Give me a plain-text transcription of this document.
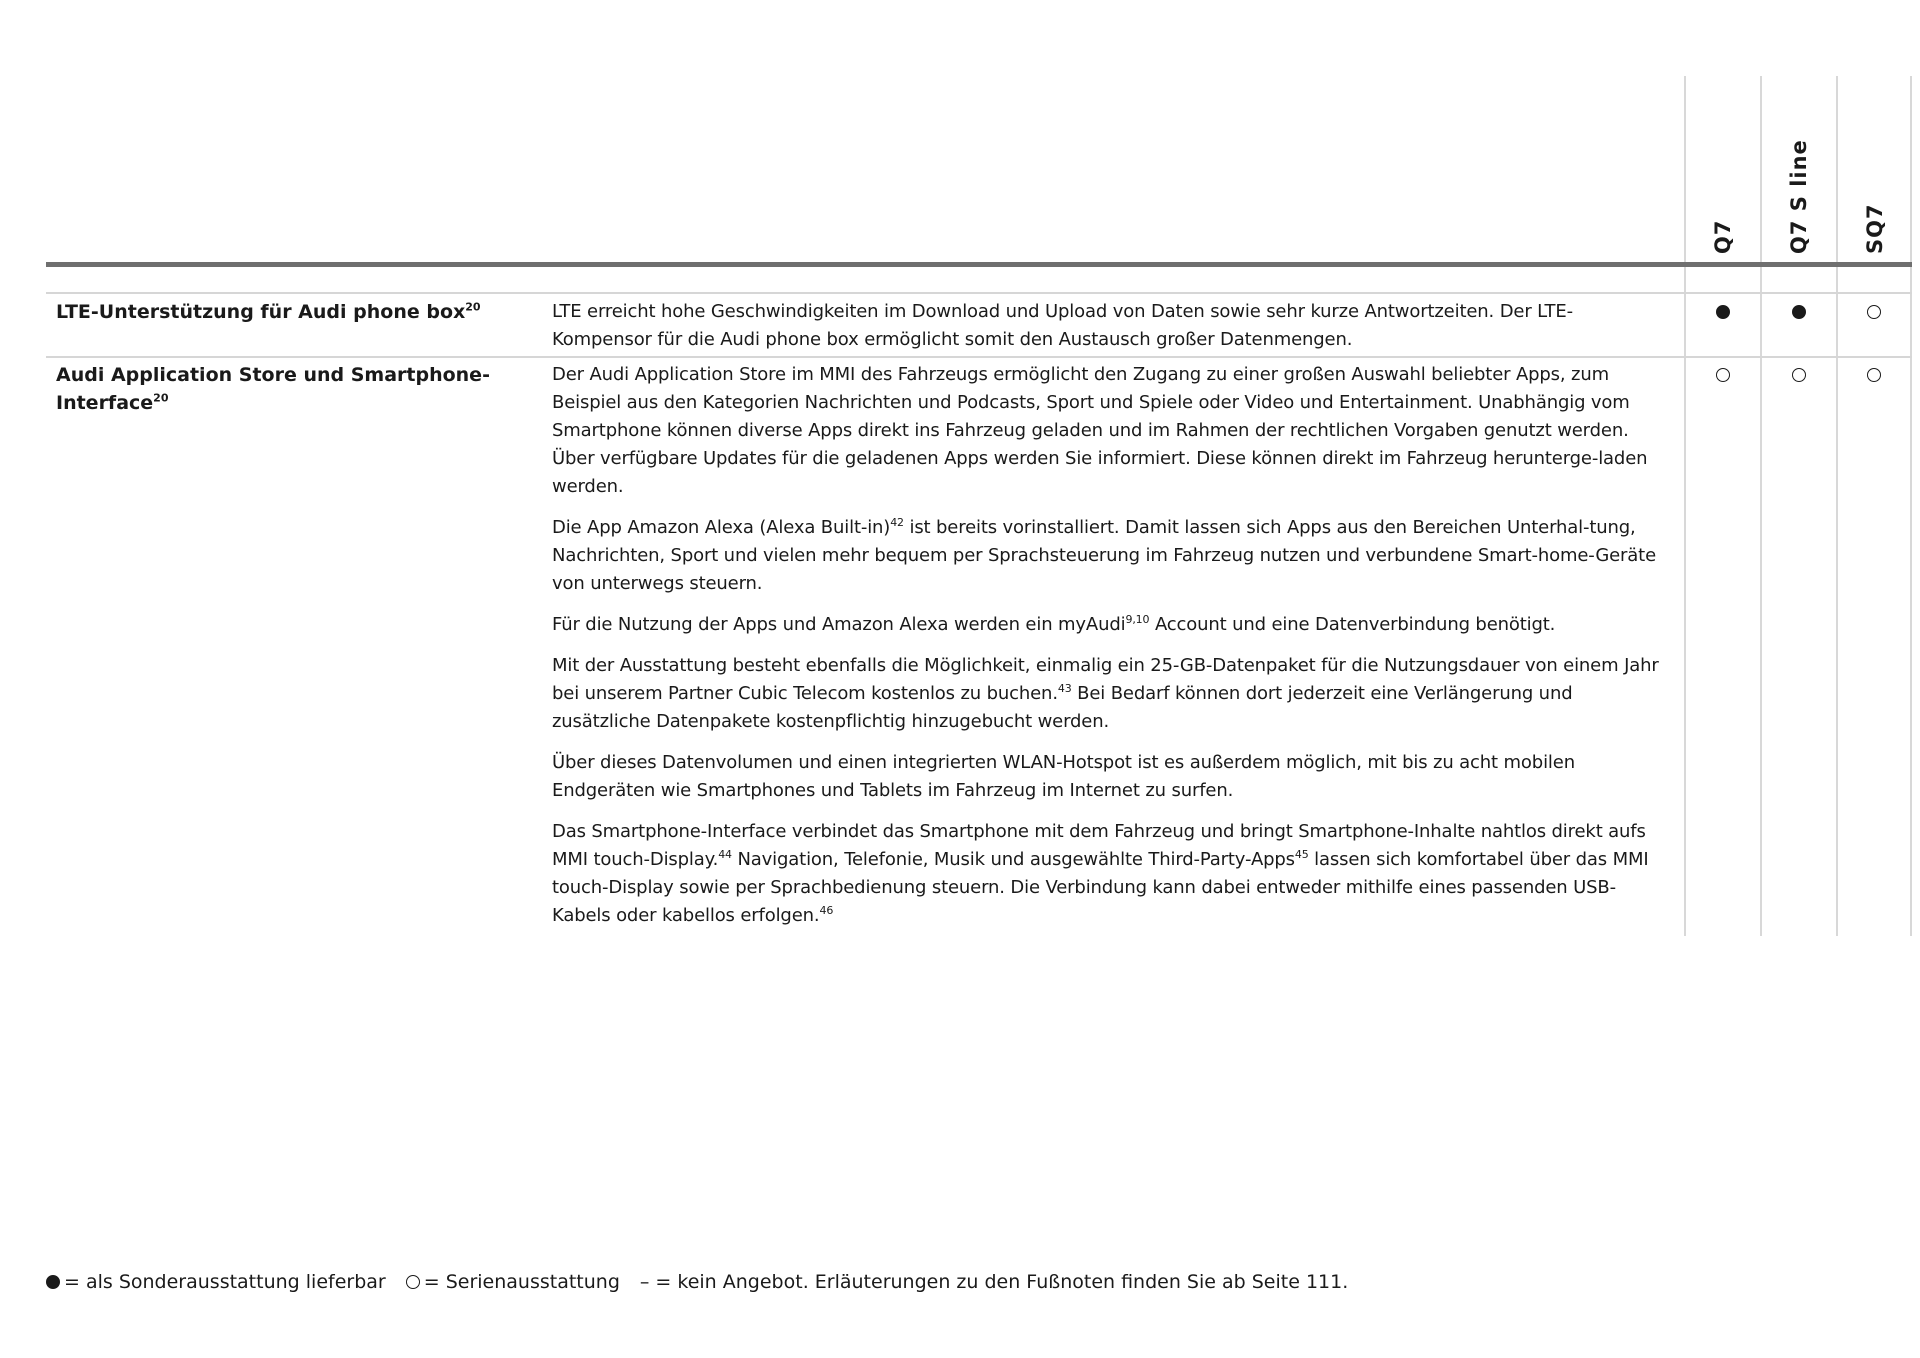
Q7 Q7 S line SQ7
LTE-Unterstützung für Audi phone box$^{20}$	LTE erreicht hohe Geschwindigkeiten im Download und Upload von Daten sowie sehr kurze Antwortzeiten. Der LTE-Kompensor für die Audi phone box ermöglicht somit den Austausch großer Datenmengen.

Audi Application Store und Smartphone-Interface$^{20}$

Der Audi Application Store im MMI des Fahrzeugs ermöglicht den Zugang zu einer großen Auswahl beliebter Apps, zum Beispiel aus den Kategorien Nachrichten und Podcasts, Sport und Spiele oder Video und Entertainment. Unabhängig vom Smartphone können diverse Apps direkt ins Fahrzeug geladen und im Rahmen der rechtlichen Vorgaben genutzt werden. Über verfügbare Updates für die geladenen Apps werden Sie informiert. Diese können direkt im Fahrzeug herunterge-laden werden.

Die App Amazon Alexa (Alexa Built-in)$^{42}$ ist bereits vorinstalliert. Damit lassen sich Apps aus den Bereichen Unterhal-tung, Nachrichten, Sport und vielen mehr bequem per Sprachsteuerung im Fahrzeug nutzen und verbundene Smart-home-Geräte von unterwegs steuern.

Für die Nutzung der Apps und Amazon Alexa werden ein myAudi$^{9,10}$ Account und eine Datenverbindung benötigt.

Mit der Ausstattung besteht ebenfalls die Möglichkeit, einmalig ein 25-GB-Datenpaket für die Nutzungsdauer von einem Jahr bei unserem Partner Cubic Telecom kostenlos zu buchen.$^{43}$ Bei Bedarf können dort jederzeit eine Verlängerung und zusätzliche Datenpakete kostenpflichtig hinzugebucht werden.

Über dieses Datenvolumen und einen integrierten WLAN-Hotspot ist es außerdem möglich, mit bis zu acht mobilen Endgeräten wie Smartphones und Tablets im Fahrzeug im Internet zu surfen.

Das Smartphone-Interface verbindet das Smartphone mit dem Fahrzeug und bringt Smartphone-Inhalte nahtlos direkt aufs MMI touch-Display.$^{44}$ Navigation, Telefonie, Musik und ausgewählte Third-Party-Apps$^{45}$ lassen sich komfortabel über das MMI touch-Display sowie per Sprachbedienung steuern. Die Verbindung kann dabei entweder mithilfe eines passenden USB-Kabels oder kabellos erfolgen.$^{46}$

= als Sonderausstattung lieferbar = Serienausstattung – = kein Angebot. Erläuterungen zu den Fußnoten finden Sie ab Seite 111.
